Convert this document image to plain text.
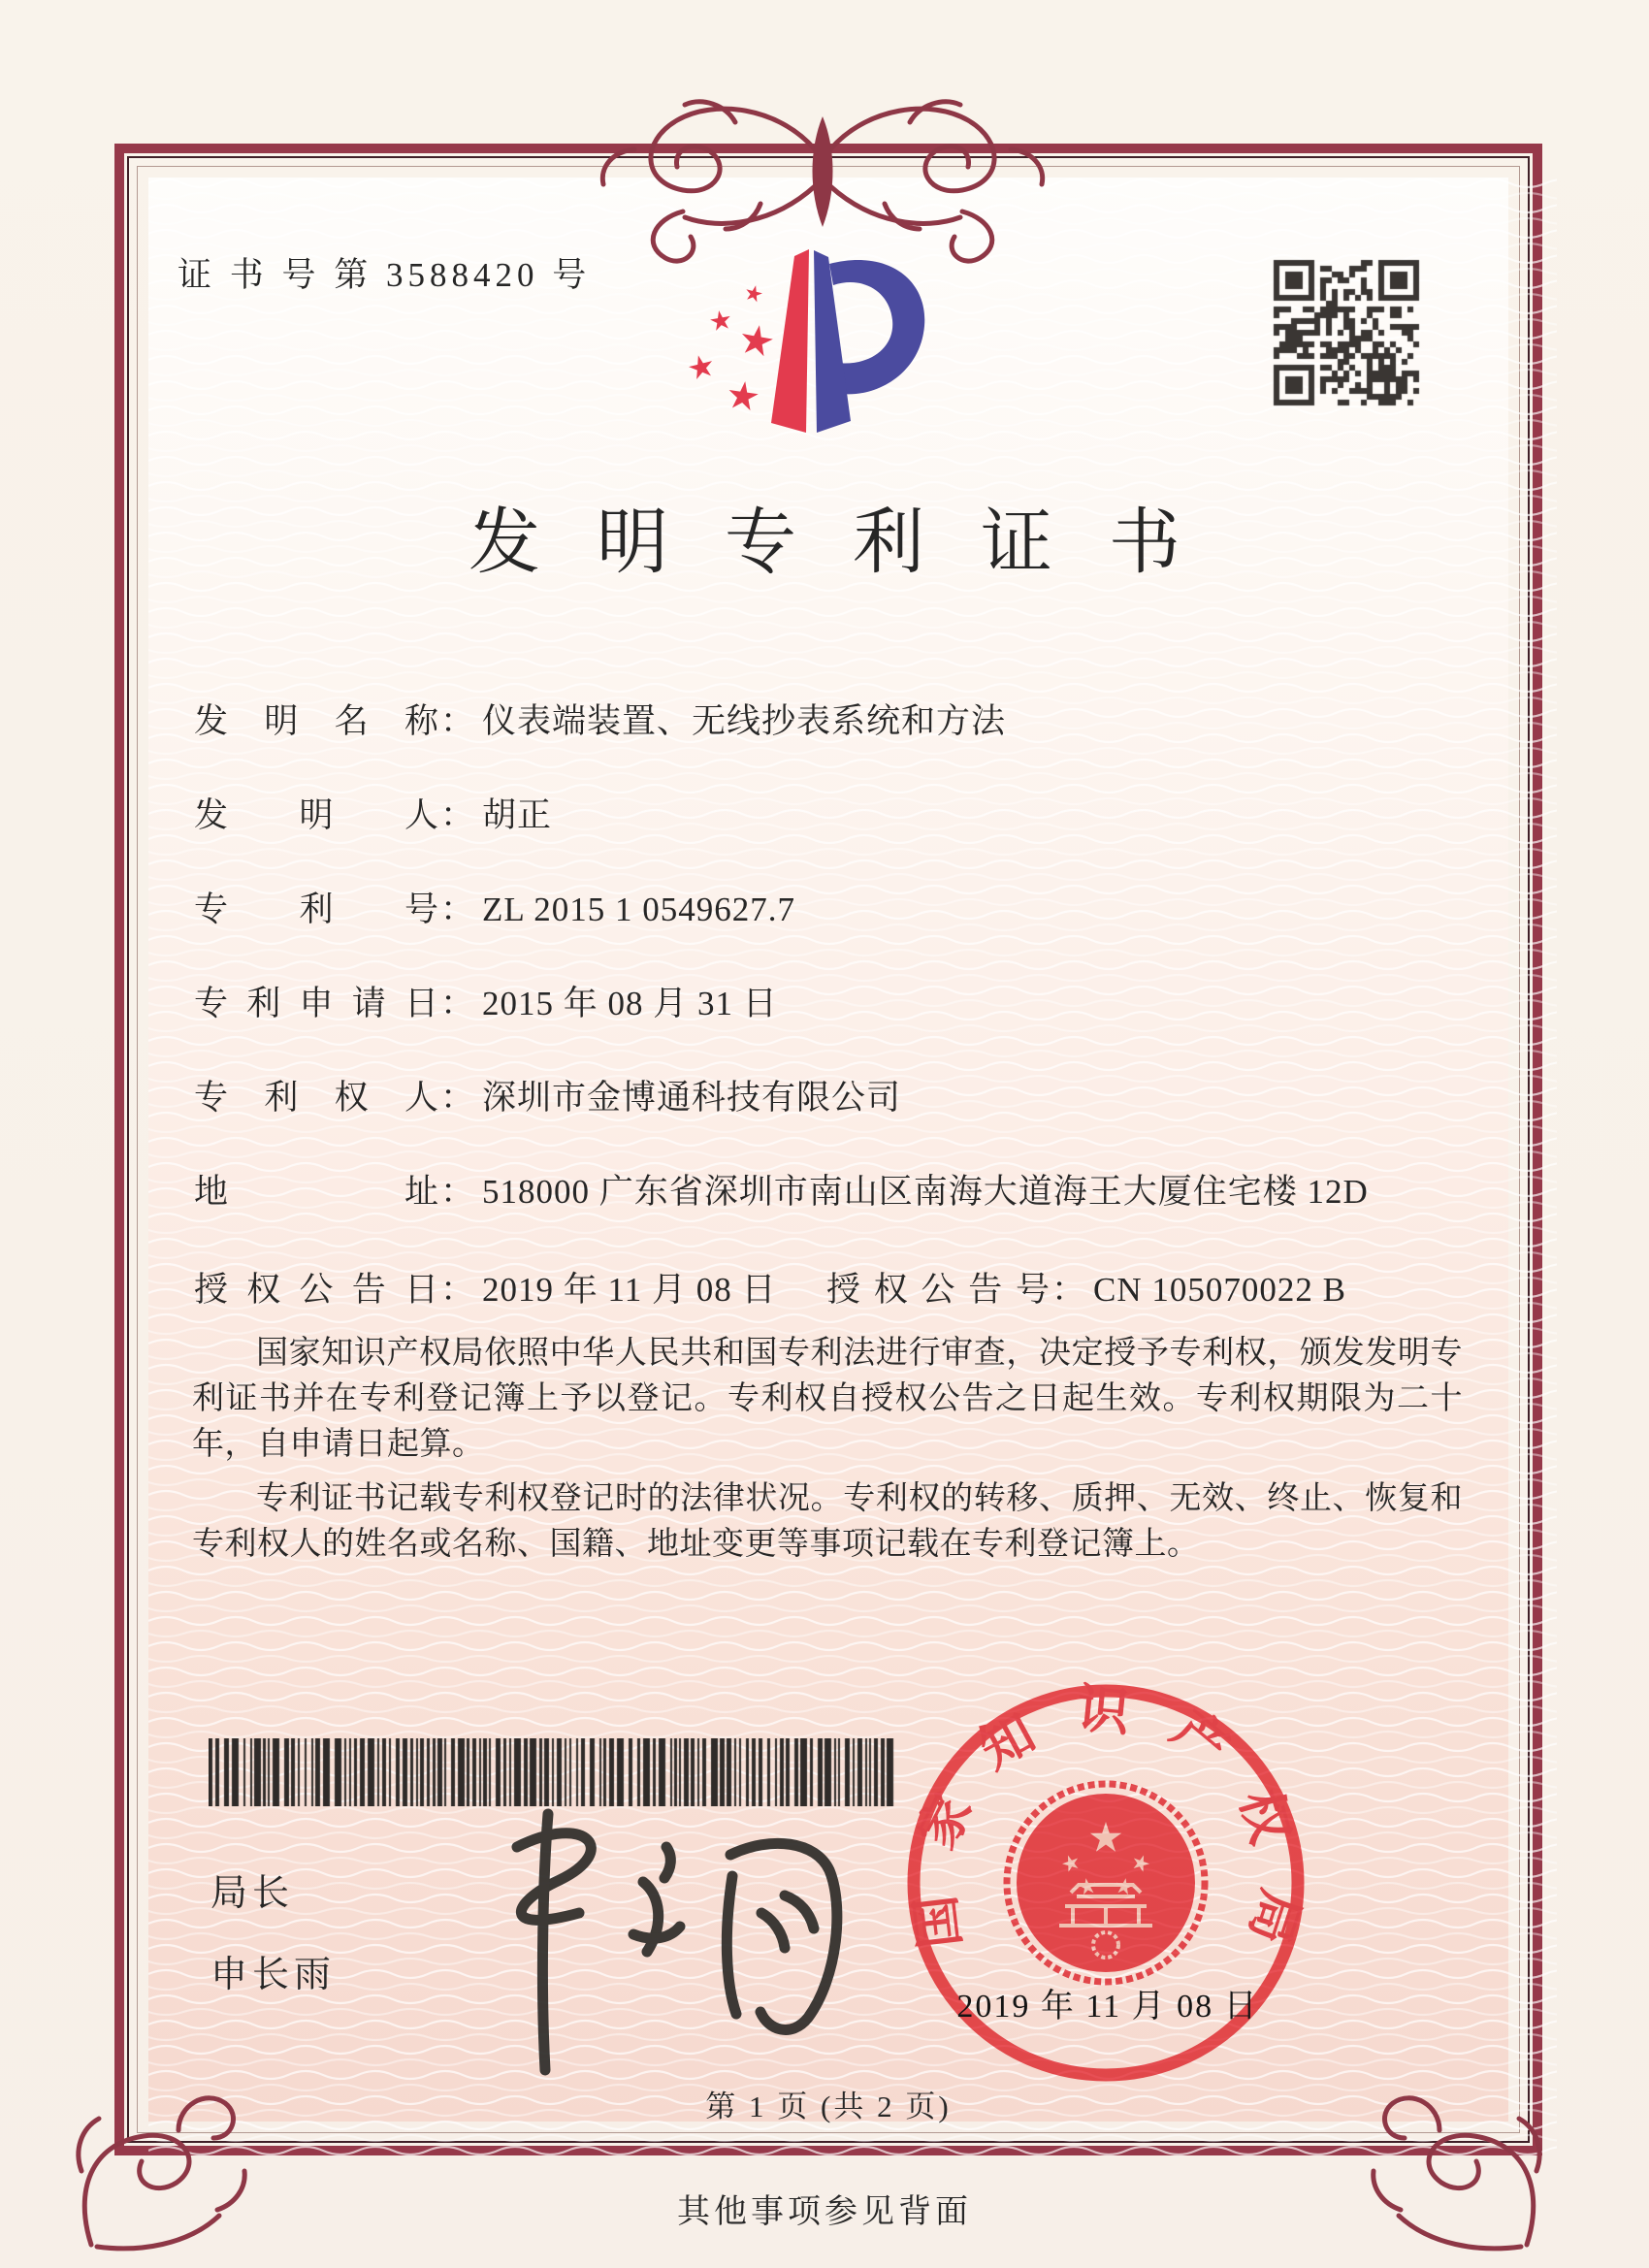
证 书 号 第 3588420 号
发明专利证书
发明名称： 仪表端装置、无线抄表系统和方法
发明人： 胡正
专利号： ZL 2015 1 0549627.7
专利申请日： 2015 年 08 月 31 日
专利权人： 深圳市金博通科技有限公司
地址： 518000 广东省深圳市南山区南海大道海王大厦住宅楼 12D
授权公告日： 2019 年 11 月 08 日 授权公告号： CN 105070022 B

国家知识产权局依照中华人民共和国专利法进行审查，决定授予专利权，颁发发明专利证书并在专利登记簿上予以登记。专利权自授权公告之日起生效。专利权期限为二十年，自申请日起算。

专利证书记载专利权登记时的法律状况。专利权的转移、质押、无效、终止、恢复和专利权人的姓名或名称、国籍、地址变更等事项记载在专利登记簿上。

局长
申长雨
国家知识产权局
2019 年 11 月 08 日
第 1 页 (共 2 页)
其他事项参见背面
